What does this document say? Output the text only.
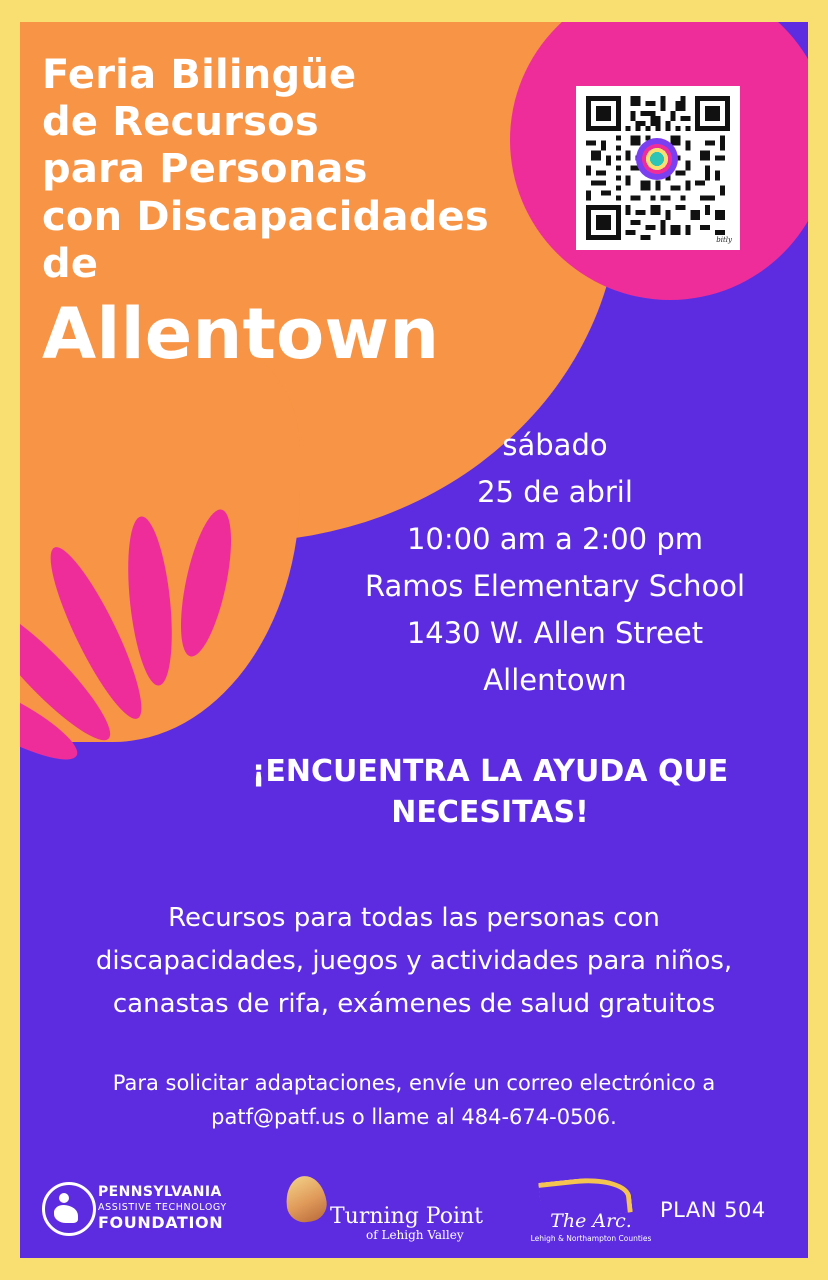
bitly
Feria Bilingüe
de Recursos
para Personas
con Discapacidades
de
Allentown
sábado
25 de abril
10:00 am a 2:00 pm
Ramos Elementary School
1430 W. Allen Street
Allentown
¡ENCUENTRA LA AYUDA QUE NECESITAS!
Recursos para todas las personas con
discapacidades, juegos y actividades para niños,
canastas de rifa, exámenes de salud gratuitos
Para solicitar adaptaciones, envíe un correo electrónico a
patf@patf.us o llame al 484-674-0506.
PENNSYLVANIA
ASSISTIVE TECHNOLOGY
FOUNDATION	Turning Point
of Lehigh Valley
The Arc.
Lehigh & Northampton Counties
PLAN 504
